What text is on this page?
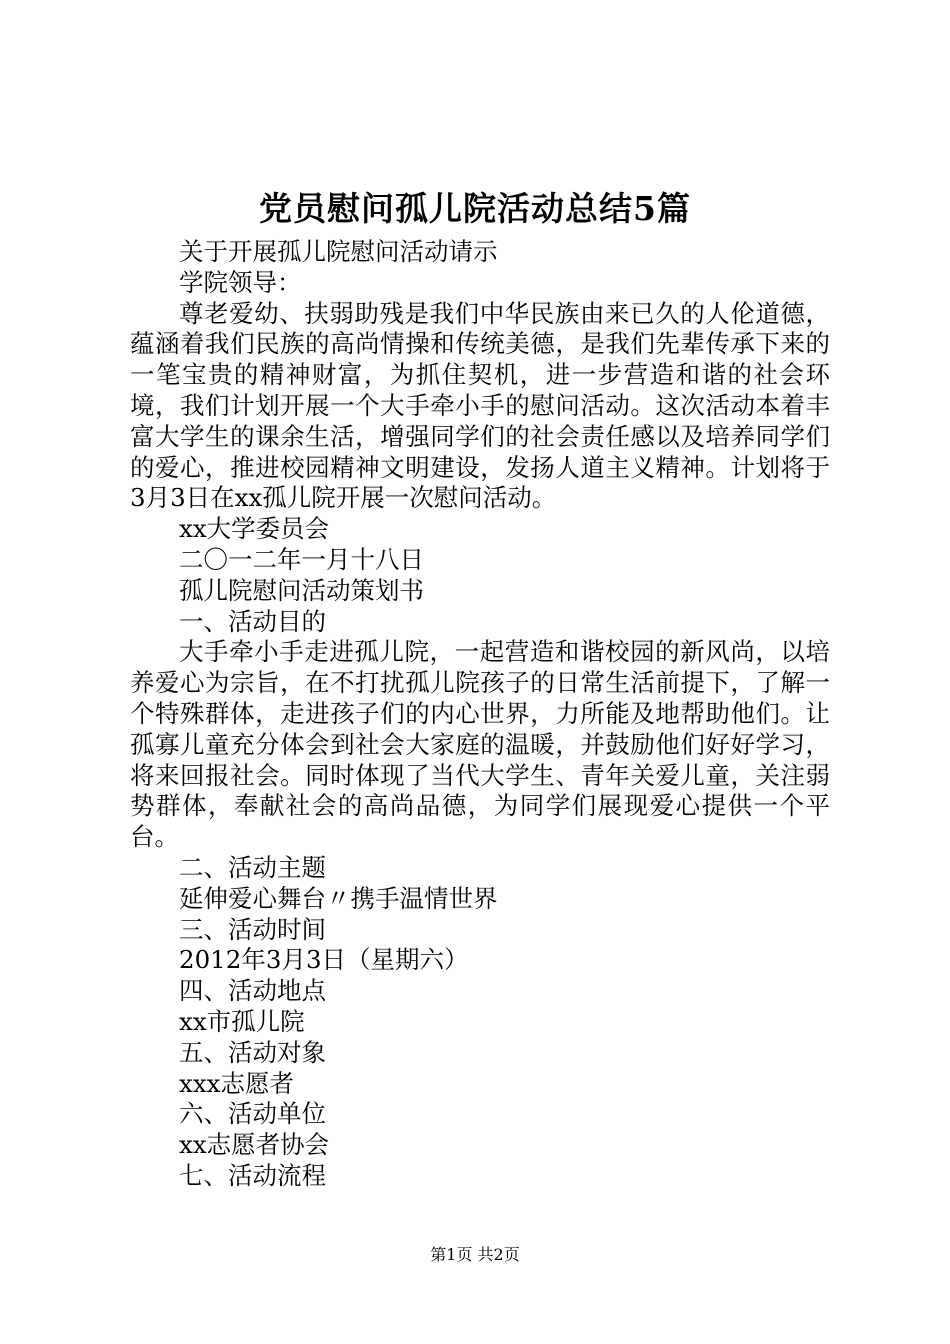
党员慰问孤儿院活动总结5篇
关于开展孤儿院慰问活动请示
学院领导：
尊老爱幼、扶弱助残是我们中华民族由来已久的人伦道德，蕴涵着我们民族的高尚情操和传统美德，是我们先辈传承下来的一笔宝贵的精神财富，为抓住契机，进一步营造和谐的社会环境，我们计划开展一个大手牵小手的慰问活动。这次活动本着丰富大学生的课余生活，增强同学们的社会责任感以及培养同学们的爱心，推进校园精神文明建设，发扬人道主义精神。计划将于3月3日在xx孤儿院开展一次慰问活动。
xx大学委员会
二〇一二年一月十八日
孤儿院慰问活动策划书
一、活动目的
大手牵小手走进孤儿院，一起营造和谐校园的新风尚，以培养爱心为宗旨，在不打扰孤儿院孩子的日常生活前提下，了解一个特殊群体，走进孩子们的内心世界，力所能及地帮助他们。让孤寡儿童充分体会到社会大家庭的温暖，并鼓励他们好好学习，将来回报社会。同时体现了当代大学生、青年关爱儿童，关注弱势群体，奉献社会的高尚品德，为同学们展现爱心提供一个平台。
二、活动主题
延伸爱心舞台〃携手温情世界
三、活动时间
2012年3月3日（星期六）
四、活动地点
xx市孤儿院
五、活动对象
xxx志愿者
六、活动单位
xx志愿者协会
七、活动流程
第1页 共2页
